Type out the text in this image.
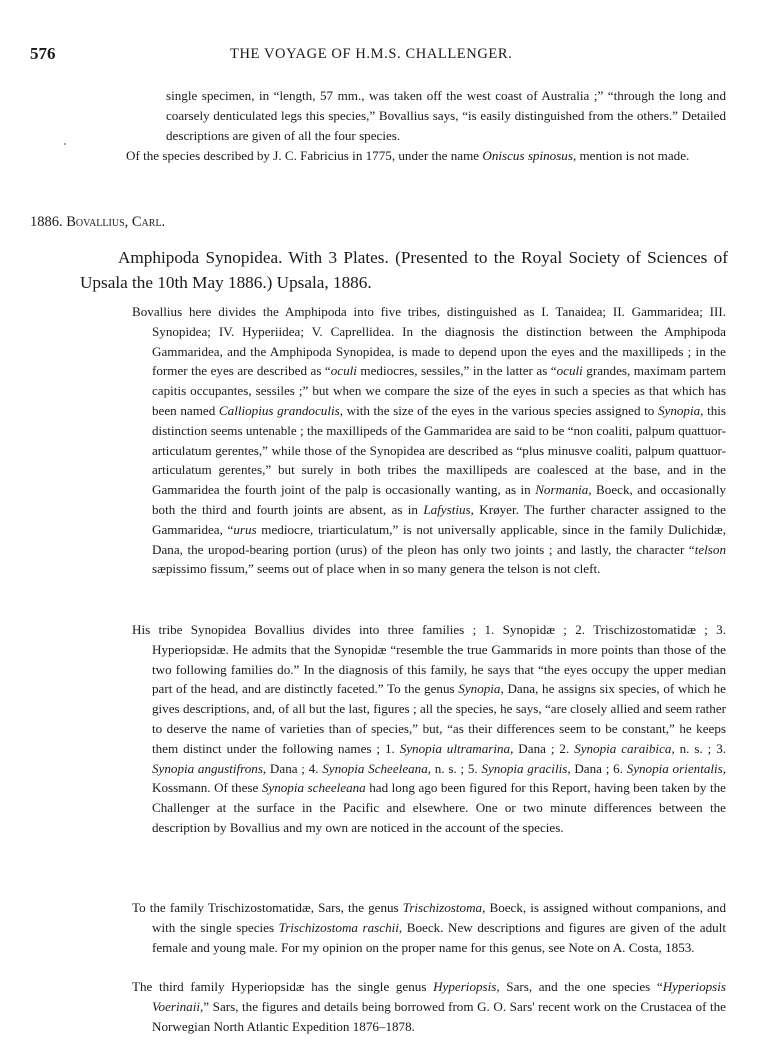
576	THE VOYAGE OF H.M.S. CHALLENGER.

single specimen, in “length, 57 mm., was taken off the west coast of Australia ;” “through the long and coarsely denticulated legs this species,” Bovallius says, “is easily distinguished from the others.” Detailed descriptions are given of all the four species.

Of the species described by J. C. Fabricius in 1775, under the name Oniscus spinosus, mention is not made.

1886. Bovallius, Carl.

Amphipoda Synopidea. With 3 Plates. (Presented to the Royal Society of Sciences of Upsala the 10th May 1886.) Upsala, 1886.

Bovallius here divides the Amphipoda into five tribes, distinguished as I. Tanaidea; II. Gammaridea; III. Synopidea; IV. Hyperiidea; V. Caprellidea. In the diagnosis the distinction between the Amphipoda Gammaridea, and the Amphipoda Synopidea, is made to depend upon the eyes and the maxillipeds ; in the former the eyes are described as “oculi mediocres, sessiles,” in the latter as “oculi grandes, maximam partem capitis occupantes, sessiles ;” but when we compare the size of the eyes in such a species as that which has been named Calliopius grandoculis, with the size of the eyes in the various species assigned to Synopia, this distinction seems untenable ; the maxillipeds of the Gammaridea are said to be “non coaliti, palpum quattuor-articulatum gerentes,” while those of the Synopidea are described as “plus minusve coaliti, palpum quattuor-articulatum gerentes,” but surely in both tribes the maxillipeds are coalesced at the base, and in the Gammaridea the fourth joint of the palp is occasionally wanting, as in Normania, Boeck, and occasionally both the third and fourth joints are absent, as in Lafystius, Krøyer. The further character assigned to the Gammaridea, “urus mediocre, triarticulatum,” is not universally applicable, since in the family Dulichidæ, Dana, the uropod-bearing portion (urus) of the pleon has only two joints ; and lastly, the character “telson sæpissimo fissum,” seems out of place when in so many genera the telson is not cleft.

His tribe Synopidea Bovallius divides into three families ; 1. Synopidæ ; 2. Trischizostomatidæ ; 3. Hyperiopsidæ. He admits that the Synopidæ “resemble the true Gammarids in more points than those of the two following families do.” In the diagnosis of this family, he says that “the eyes occupy the upper median part of the head, and are distinctly faceted.” To the genus Synopia, Dana, he assigns six species, of which he gives descriptions, and, of all but the last, figures ; all the species, he says, “are closely allied and seem rather to deserve the name of varieties than of species,” but, “as their differences seem to be constant,” he keeps them distinct under the following names ; 1. Synopia ultramarina, Dana ; 2. Synopia caraibica, n. s. ; 3. Synopia angustifrons, Dana ; 4. Synopia Scheeleana, n. s. ; 5. Synopia gracilis, Dana ; 6. Synopia orientalis, Kossmann. Of these Synopia scheeleana had long ago been figured for this Report, having been taken by the Challenger at the surface in the Pacific and elsewhere. One or two minute differences between the description by Bovallius and my own are noticed in the account of the species.

To the family Trischizostomatidæ, Sars, the genus Trischizostoma, Boeck, is assigned without companions, and with the single species Trischizostoma raschii, Boeck. New descriptions and figures are given of the adult female and young male. For my opinion on the proper name for this genus, see Note on A. Costa, 1853.

The third family Hyperiopsidæ has the single genus Hyperiopsis, Sars, and the one species “Hyperiopsis Voerinaii,” Sars, the figures and details being borrowed from G. O. Sars' recent work on the Crustacea of the Norwegian North Atlantic Expedition 1876–1878.
